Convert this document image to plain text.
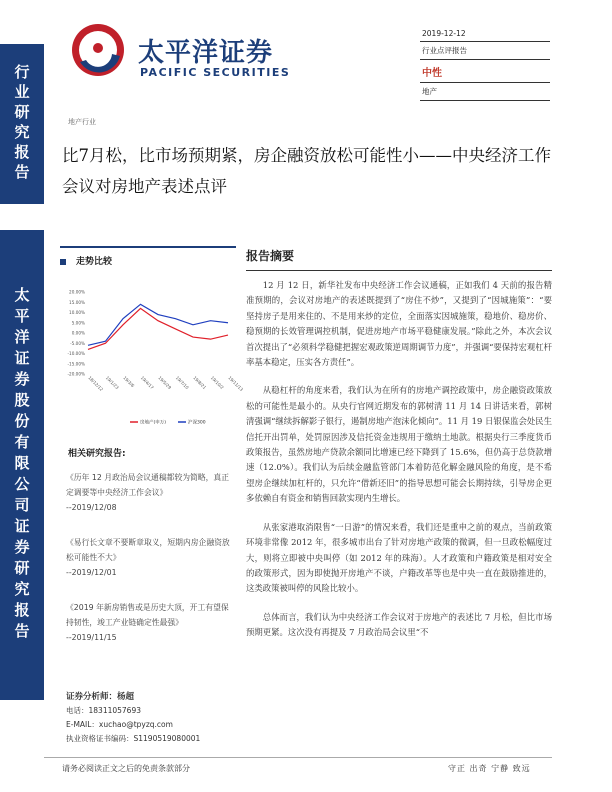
行业研究报告
太平洋证券股份有限公司证券研究报告
太平洋证券
PACIFIC SECURITIES
2019-12-12
行业点评报告
中性
地产
地产行业
比7月松，比市场预期紧，房企融资放松可能性小——中央经济工作会议对房地产表述点评
走势比较
20.00%
15.00%
10.00%
5.00%
0.00%
-5.00%
-10.00%
-15.00%
-20.00%
18/12/12 19/1/23 19/3/6 19/4/17 19/5/29 19/7/10 19/8/21 19/10/2 19/11/13
房地产(申万)	沪深300
相关研究报告:
《历年 12 月政治局会议通稿都较为简略，真正定调要等中央经济工作会议》
--2019/12/08
《易行长文章不要断章取义，短期内房企融资放松可能性不大》
--2019/12/01
《2019 年新房销售或是历史大顶，开工有望保持韧性，竣工产业链确定性最强》
--2019/11/15
证券分析师：杨超
电话：18311057693
E-MAIL：xuchao@tpyzq.com
执业资格证书编码：S1190519080001
报告摘要

12 月 12 日，新华社发布中央经济工作会议通稿，正如我们 4 天前的报告精准预期的，会议对房地产的表述既提到了“房住不炒”，又提到了“因城施策”：“要坚持房子是用来住的、不是用来炒的定位，全面落实因城施策，稳地价、稳房价、稳预期的长效管理调控机制，促进房地产市场平稳健康发展。”除此之外，本次会议首次提出了“必须科学稳健把握宏观政策逆周期调节力度”，并强调“要保持宏观杠杆率基本稳定，压实各方责任”。

从稳杠杆的角度来看，我们认为在所有的房地产调控政策中，房企融资政策放松的可能性是最小的。从央行官网近期发布的郭树清 11 月 14 日讲话来看，郭树清强调“继续拆解影子银行，遏制房地产泡沫化倾向”。11 月 19 日银保监会处民生信托开出罚单，处罚原因涉及信托资金违规用于缴纳土地款。根据央行三季度货币政策报告，虽然房地产贷款余额同比增速已经下降到了 15.6%，但仍高于总贷款增速（12.0%）。我们认为后续金融监管部门本着防范化解金融风险的角度，是不希望房企继续加杠杆的，只允许“借新还旧”的指导思想可能会长期持续，引导房企更多依赖自有资金和销售回款实现内生增长。

从张家港取消限售“一日游”的情况来看，我们还是重申之前的观点，当前政策环境非常像 2012 年，很多城市出台了针对房地产政策的微调，但一旦政松幅度过大，则将立即被中央叫停（如 2012 年的珠海）。人才政策和户籍政策是相对安全的政策形式，因为即使抛开房地产不谈，户籍改革等也是中央一直在鼓励推进的，这类政策被叫停的风险比较小。

总体而言，我们认为中央经济工作会议对于房地产的表述比 7 月松，但比市场预期更紧。这次没有再提及 7 月政治局会议里“不

请务必阅读正文之后的免责条款部分	守正 出奇 宁静 致远
